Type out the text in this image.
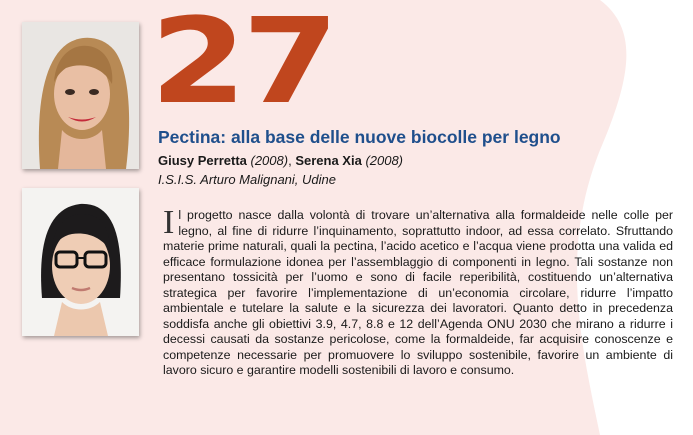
27
Pectina: alla base delle nuove biocolle per legno
Giusy Perretta (2008), Serena Xia (2008)
I.S.I.S. Arturo Malignani, Udine

Il progetto nasce dalla volontà di trovare un’alternativa alla formaldeide nelle colle per legno, al fine di ridurre l’inquinamento, soprattutto indoor, ad essa correlato. Sfruttando materie prime naturali, quali la pectina, l’acido acetico e l’acqua viene prodotta una valida ed efficace formulazione idonea per l’assemblaggio di componenti in legno. Tali sostanze non presentano tossicità per l’uomo e sono di facile reperibilità, costituendo un’alternativa strategica per favorire l’implementazione di un’economia circolare, ridurre l’impatto ambientale e tutelare la salute e la sicurezza dei lavoratori. Quanto detto in precedenza soddisfa anche gli obiettivi 3.9, 4.7, 8.8 e 12 dell’Agenda ONU 2030 che mirano a ridurre i decessi causati da sostanze pericolose, come la formaldeide, far acquisire conoscenze e competenze necessarie per promuovere lo sviluppo sostenibile, favorire un ambiente di lavoro sicuro e garantire modelli sostenibili di lavoro e consumo.
